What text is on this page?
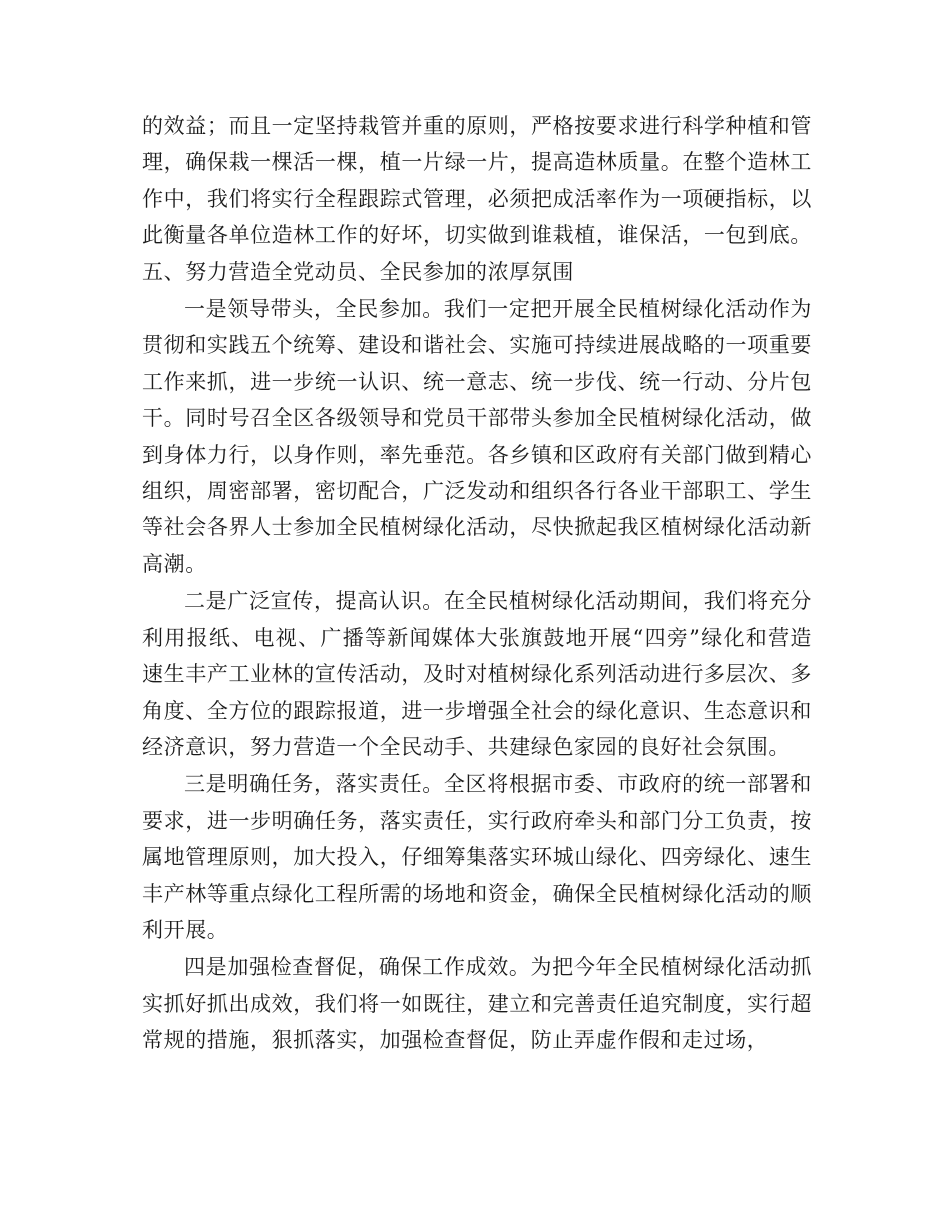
的效益；而且一定坚持栽管并重的原则，严格按要求进行科学种植和管理，确保栽一棵活一棵，植一片绿一片，提高造林质量。在整个造林工作中，我们将实行全程跟踪式管理，必须把成活率作为一项硬指标，以此衡量各单位造林工作的好坏，切实做到谁栽植，谁保活，一包到底。 五、努力营造全党动员、全民参加的浓厚氛围

一是领导带头，全民参加。我们一定把开展全民植树绿化活动作为贯彻和实践五个统筹、建设和谐社会、实施可持续进展战略的一项重要工作来抓，进一步统一认识、统一意志、统一步伐、统一行动、分片包干。同时号召全区各级领导和党员干部带头参加全民植树绿化活动，做到身体力行，以身作则，率先垂范。各乡镇和区政府有关部门做到精心组织，周密部署，密切配合，广泛发动和组织各行各业干部职工、学生等社会各界人士参加全民植树绿化活动，尽快掀起我区植树绿化活动新高潮。

二是广泛宣传，提高认识。在全民植树绿化活动期间，我们将充分利用报纸、电视、广播等新闻媒体大张旗鼓地开展“四旁”绿化和营造速生丰产工业林的宣传活动，及时对植树绿化系列活动进行多层次、多角度、全方位的跟踪报道，进一步增强全社会的绿化意识、生态意识和经济意识，努力营造一个全民动手、共建绿色家园的良好社会氛围。

三是明确任务，落实责任。全区将根据市委、市政府的统一部署和要求，进一步明确任务，落实责任，实行政府牵头和部门分工负责，按属地管理原则，加大投入，仔细筹集落实环城山绿化、四旁绿化、速生丰产林等重点绿化工程所需的场地和资金，确保全民植树绿化活动的顺利开展。

四是加强检查督促，确保工作成效。为把今年全民植树绿化活动抓实抓好抓出成效，我们将一如既往，建立和完善责任追究制度，实行超常规的措施，狠抓落实，加强检查督促，防止弄虚作假和走过场，
